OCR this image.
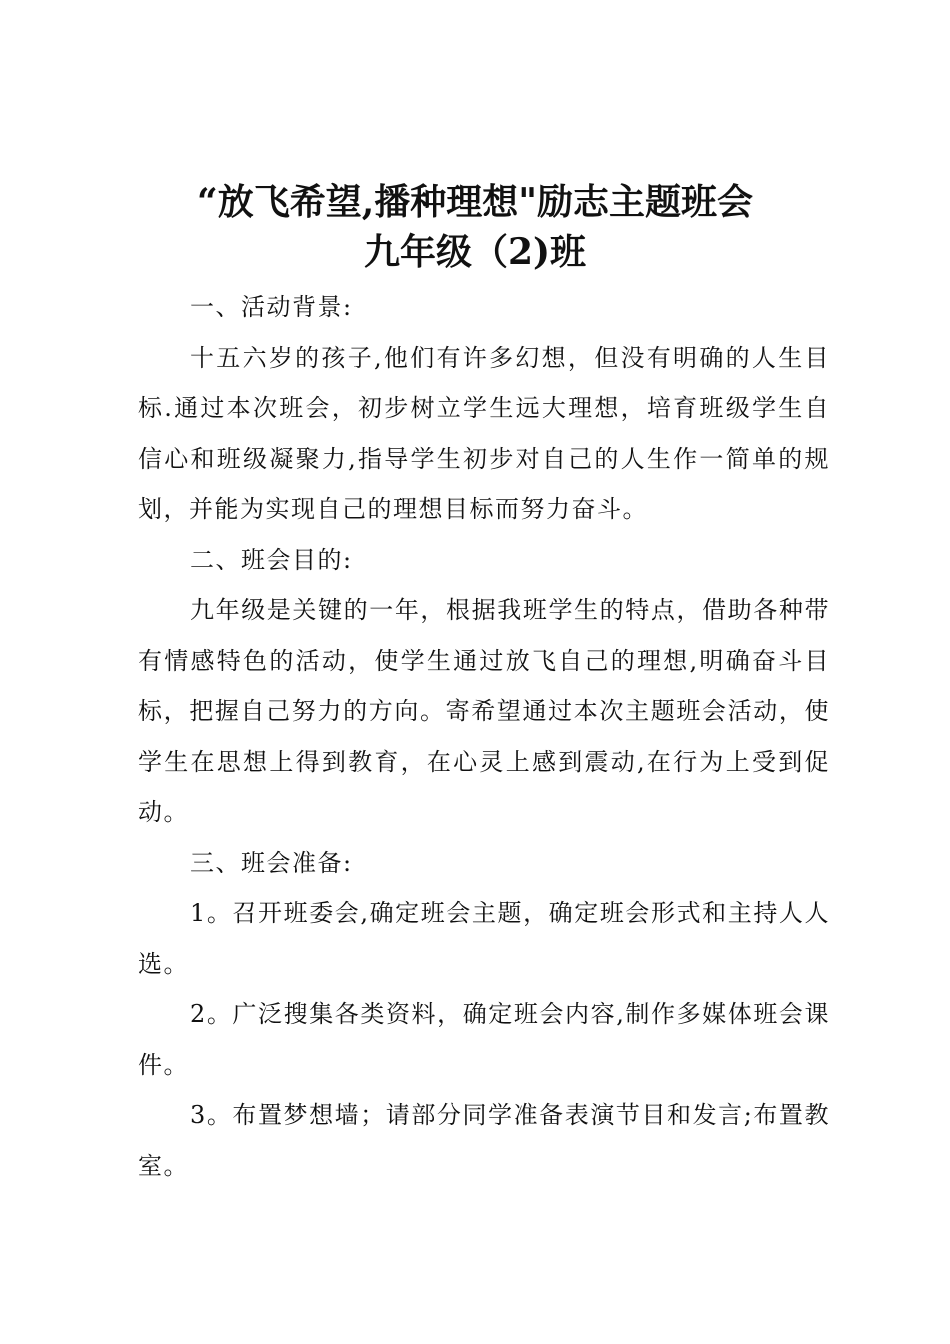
“放飞希望,播种理想"励志主题班会
九年级（2)班
一、活动背景:
十五六岁的孩子,他们有许多幻想，但没有明确的人生目
标.通过本次班会，初步树立学生远大理想，培育班级学生自
信心和班级凝聚力,指导学生初步对自己的人生作一简单的规
划，并能为实现自己的理想目标而努力奋斗。
二、班会目的:
九年级是关键的一年，根据我班学生的特点，借助各种带
有情感特色的活动，使学生通过放飞自己的理想,明确奋斗目
标，把握自己努力的方向。寄希望通过本次主题班会活动，使
学生在思想上得到教育，在心灵上感到震动,在行为上受到促
动。
三、班会准备:
1。召开班委会,确定班会主题，确定班会形式和主持人人
选。
2。广泛搜集各类资料，确定班会内容,制作多媒体班会课
件。
3。布置梦想墙；请部分同学准备表演节目和发言;布置教
室。
